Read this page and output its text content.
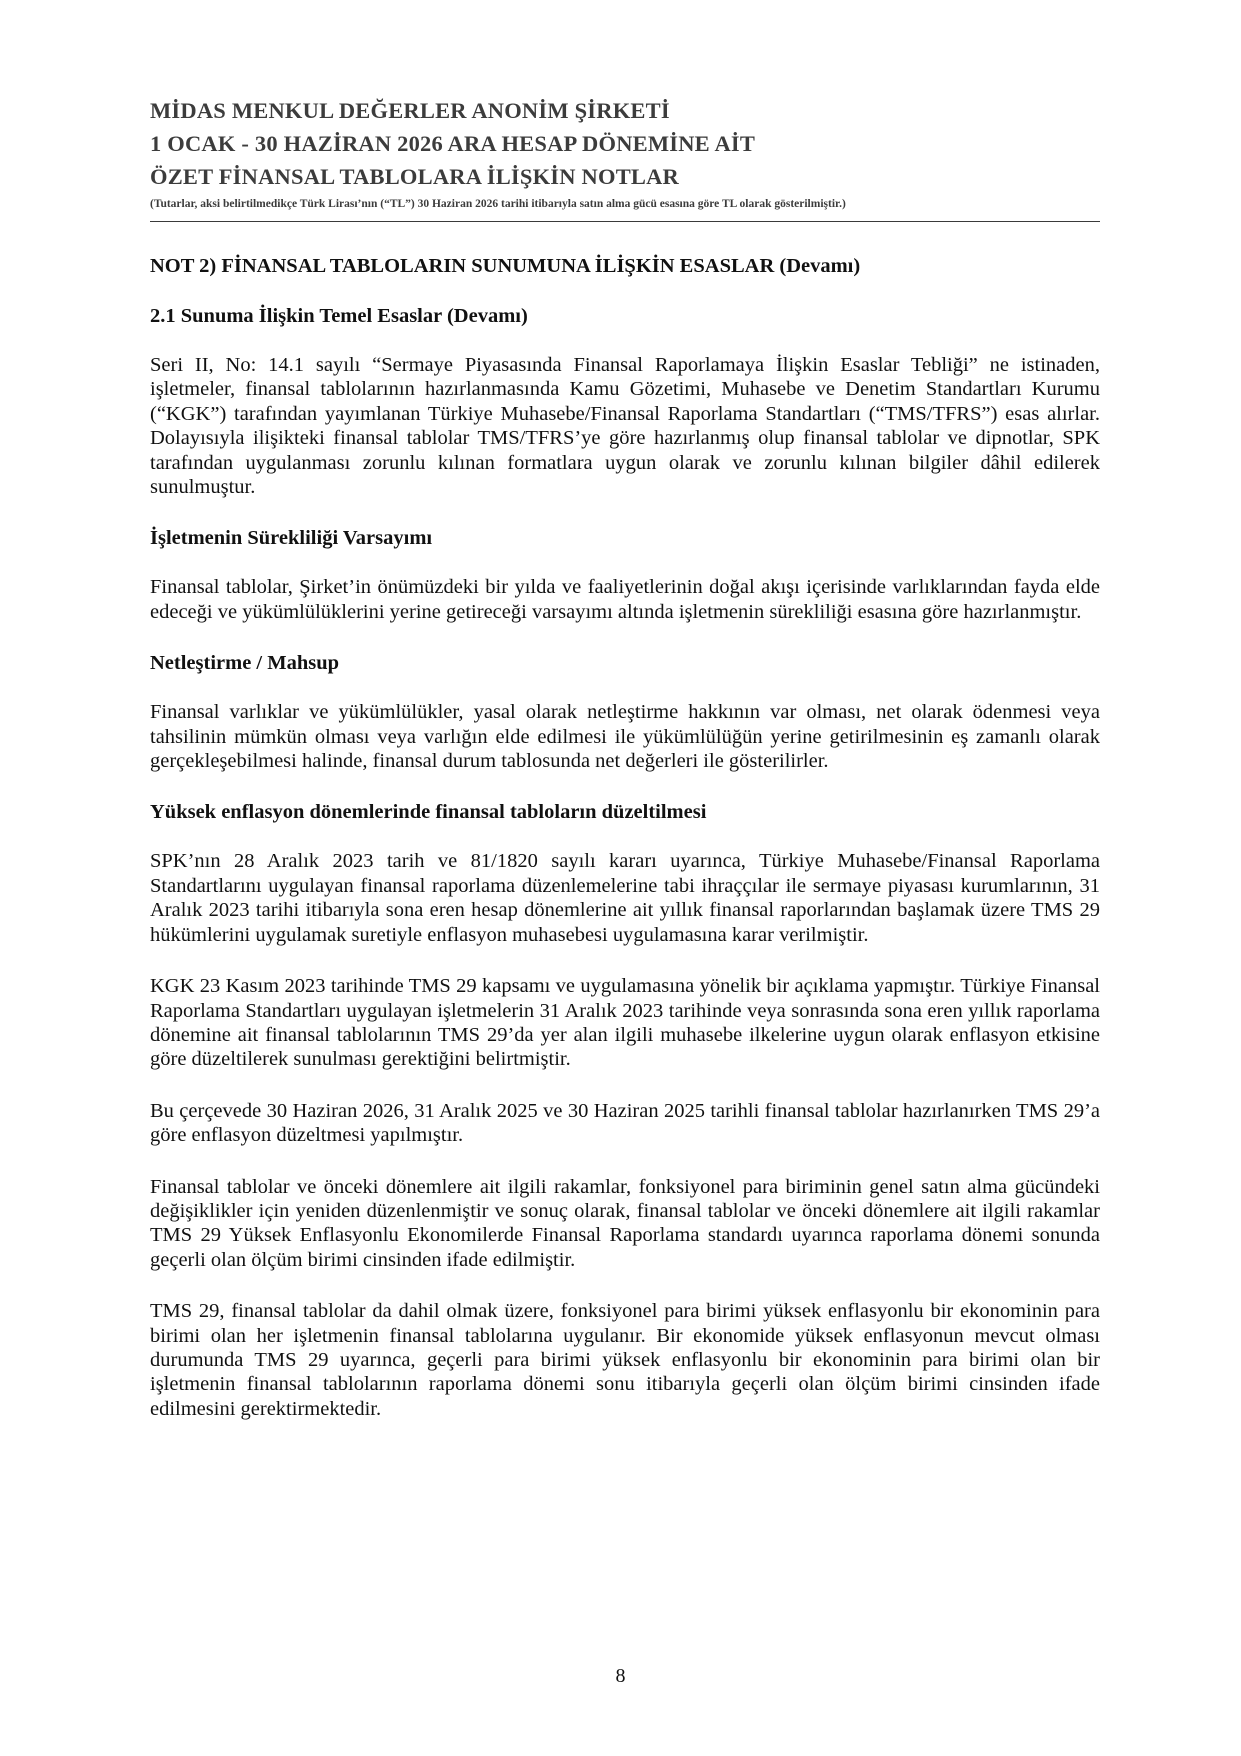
MİDAS MENKUL DEĞERLER ANONİM ŞİRKETİ
1 OCAK - 30 HAZİRAN 2026 ARA HESAP DÖNEMİNE AİT
ÖZET FİNANSAL TABLOLARA İLİŞKİN NOTLAR
(Tutarlar, aksi belirtilmedikçe Türk Lirası’nın (“TL”) 30 Haziran 2026 tarihi itibarıyla satın alma gücü esasına göre TL olarak gösterilmiştir.)
NOT 2) FİNANSAL TABLOLARIN SUNUMUNA İLİŞKİN ESASLAR (Devamı)
2.1 Sunuma İlişkin Temel Esaslar (Devamı)
Seri II, No: 14.1 sayılı “Sermaye Piyasasında Finansal Raporlamaya İlişkin Esaslar Tebliği” ne istinaden, işletmeler, finansal tablolarının hazırlanmasında Kamu Gözetimi, Muhasebe ve Denetim Standartları Kurumu (“KGK”) tarafından yayımlanan Türkiye Muhasebe/Finansal Raporlama Standartları (“TMS/TFRS”) esas alırlar. Dolayısıyla ilişikteki finansal tablolar TMS/TFRS’ye göre hazırlanmış olup finansal tablolar ve dipnotlar, SPK tarafından uygulanması zorunlu kılınan formatlara uygun olarak ve zorunlu kılınan bilgiler dâhil edilerek sunulmuştur.
İşletmenin Sürekliliği Varsayımı
Finansal tablolar, Şirket’in önümüzdeki bir yılda ve faaliyetlerinin doğal akışı içerisinde varlıklarından fayda elde edeceği ve yükümlülüklerini yerine getireceği varsayımı altında işletmenin sürekliliği esasına göre hazırlanmıştır.
Netleştirme / Mahsup
Finansal varlıklar ve yükümlülükler, yasal olarak netleştirme hakkının var olması, net olarak ödenmesi veya tahsilinin mümkün olması veya varlığın elde edilmesi ile yükümlülüğün yerine getirilmesinin eş zamanlı olarak gerçekleşebilmesi halinde, finansal durum tablosunda net değerleri ile gösterilirler.
Yüksek enflasyon dönemlerinde finansal tabloların düzeltilmesi
SPK’nın 28 Aralık 2023 tarih ve 81/1820 sayılı kararı uyarınca, Türkiye Muhasebe/Finansal Raporlama Standartlarını uygulayan finansal raporlama düzenlemelerine tabi ihraççılar ile sermaye piyasası kurumlarının, 31 Aralık 2023 tarihi itibarıyla sona eren hesap dönemlerine ait yıllık finansal raporlarından başlamak üzere TMS 29 hükümlerini uygulamak suretiyle enflasyon muhasebesi uygulamasına karar verilmiştir.
KGK 23 Kasım 2023 tarihinde TMS 29 kapsamı ve uygulamasına yönelik bir açıklama yapmıştır. Türkiye Finansal Raporlama Standartları uygulayan işletmelerin 31 Aralık 2023 tarihinde veya sonrasında sona eren yıllık raporlama dönemine ait finansal tablolarının TMS 29’da yer alan ilgili muhasebe ilkelerine uygun olarak enflasyon etkisine göre düzeltilerek sunulması gerektiğini belirtmiştir.
Bu çerçevede 30 Haziran 2026, 31 Aralık 2025 ve 30 Haziran 2025 tarihli finansal tablolar hazırlanırken TMS 29’a göre enflasyon düzeltmesi yapılmıştır.
Finansal tablolar ve önceki dönemlere ait ilgili rakamlar, fonksiyonel para biriminin genel satın alma gücündeki değişiklikler için yeniden düzenlenmiştir ve sonuç olarak, finansal tablolar ve önceki dönemlere ait ilgili rakamlar TMS 29 Yüksek Enflasyonlu Ekonomilerde Finansal Raporlama standardı uyarınca raporlama dönemi sonunda geçerli olan ölçüm birimi cinsinden ifade edilmiştir.
TMS 29, finansal tablolar da dahil olmak üzere, fonksiyonel para birimi yüksek enflasyonlu bir ekonominin para birimi olan her işletmenin finansal tablolarına uygulanır. Bir ekonomide yüksek enflasyonun mevcut olması durumunda TMS 29 uyarınca, geçerli para birimi yüksek enflasyonlu bir ekonominin para birimi olan bir işletmenin finansal tablolarının raporlama dönemi sonu itibarıyla geçerli olan ölçüm birimi cinsinden ifade edilmesini gerektirmektedir.
8
